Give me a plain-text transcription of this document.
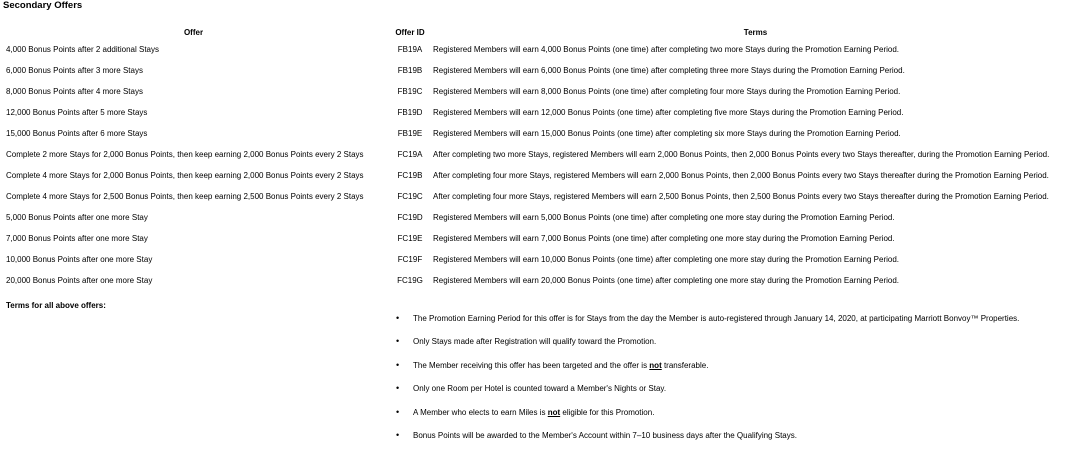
Secondary Offers
Offer	Offer ID	Terms
4,000 Bonus Points after 2 additional Stays	FB19A	Registered Members will earn 4,000 Bonus Points (one time) after completing two more Stays during the Promotion Earning Period.
6,000 Bonus Points after 3 more Stays	FB19B	Registered Members will earn 6,000 Bonus Points (one time) after completing three more Stays during the Promotion Earning Period.
8,000 Bonus Points after 4 more Stays	FB19C	Registered Members will earn 8,000 Bonus Points (one time) after completing four more Stays during the Promotion Earning Period.
12,000 Bonus Points after 5 more Stays	FB19D	Registered Members will earn 12,000 Bonus Points (one time) after completing five more Stays during the Promotion Earning Period.
15,000 Bonus Points after 6 more Stays	FB19E	Registered Members will earn 15,000 Bonus Points (one time) after completing six more Stays during the Promotion Earning Period.
Complete 2 more Stays for 2,000 Bonus Points, then keep earning 2,000 Bonus Points every 2 Stays	FC19A	After completing two more Stays, registered Members will earn 2,000 Bonus Points, then 2,000 Bonus Points every two Stays thereafter, during the Promotion Earning Period.
Complete 4 more Stays for 2,000 Bonus Points, then keep earning 2,000 Bonus Points every 2 Stays	FC19B	After completing four more Stays, registered Members will earn 2,000 Bonus Points, then 2,000 Bonus Points every two Stays thereafter during the Promotion Earning Period.
Complete 4 more Stays for 2,500 Bonus Points, then keep earning 2,500 Bonus Points every 2 Stays	FC19C	After completing four more Stays, registered Members will earn 2,500 Bonus Points, then 2,500 Bonus Points every two Stays thereafter during the Promotion Earning Period.
5,000 Bonus Points after one more Stay	FC19D	Registered Members will earn 5,000 Bonus Points (one time) after completing one more stay during the Promotion Earning Period.
7,000 Bonus Points after one more Stay	FC19E	Registered Members will earn 7,000 Bonus Points (one time) after completing one more stay during the Promotion Earning Period.
10,000 Bonus Points after one more Stay	FC19F	Registered Members will earn 10,000 Bonus Points (one time) after completing one more stay during the Promotion Earning Period.
20,000 Bonus Points after one more Stay	FC19G	Registered Members will earn 20,000 Bonus Points (one time) after completing one more stay during the Promotion Earning Period.
Terms for all above offers:
•	The Promotion Earning Period for this offer is for Stays from the day the Member is auto-registered through January 14, 2020, at participating Marriott Bonvoy™ Properties.
•	Only Stays made after Registration will qualify toward the Promotion.
•	The Member receiving this offer has been targeted and the offer is not transferable.
•	Only one Room per Hotel is counted toward a Member's Nights or Stay.
•	A Member who elects to earn Miles is not eligible for this Promotion.
•	Bonus Points will be awarded to the Member's Account within 7–10 business days after the Qualifying Stays.
